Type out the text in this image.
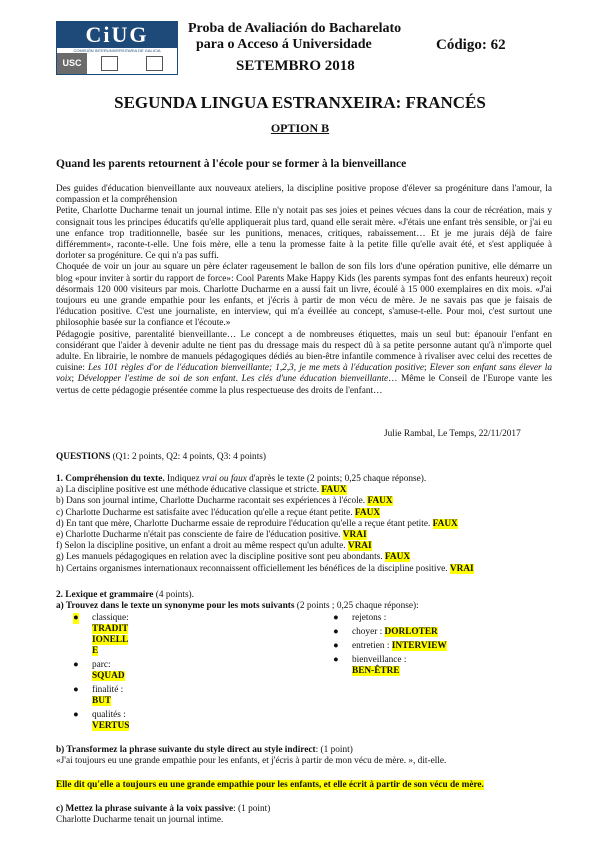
CiUG
COMISIÓN INTERUNIVERSITARIA DE GALICIA
USC
Proba de Avaliación do Bacharelato
para o Acceso á Universidade	Código: 62
SETEMBRO 2018
SEGUNDA LINGUA ESTRANXEIRA: FRANCÉS
OPTION B
Quand les parents retournent à l'école pour se former à la bienveillance
Des guides d'éducation bienveillante aux nouveaux ateliers, la discipline positive propose d'élever sa progéniture dans l'amour, la compassion et la compréhension
Petite, Charlotte Ducharme tenait un journal intime. Elle n'y notait pas ses joies et peines vécues dans la cour de récréation, mais y consignait tous les principes éducatifs qu'elle appliquerait plus tard, quand elle serait mère. «J'étais une enfant très sensible, or j'ai eu une enfance trop traditionnelle, basée sur les punitions, menaces, critiques, rabaissement… Et je me jurais déjà de faire différemment», raconte-t-elle. Une fois mère, elle a tenu la promesse faite à la petite fille qu'elle avait été, et s'est appliquée à dorloter sa progéniture. Ce qui n'a pas suffi.
Choquée de voir un jour au square un père éclater rageusement le ballon de son fils lors d'une opération punitive, elle démarre un blog «pour inviter à sortir du rapport de force»: Cool Parents Make Happy Kids (les parents sympas font des enfants heureux) reçoit désormais 120 000 visiteurs par mois. Charlotte Ducharme en a aussi fait un livre, écoulé à 15 000 exemplaires en dix mois. «J'ai toujours eu une grande empathie pour les enfants, et j'écris à partir de mon vécu de mère. Je ne savais pas que je faisais de l'éducation positive. C'est une journaliste, en interview, qui m'a éveillée au concept, s'amuse-t-elle. Pour moi, c'est surtout une philosophie basée sur la confiance et l'écoute.»
Pédagogie positive, parentalité bienveillante… Le concept a de nombreuses étiquettes, mais un seul but: épanouir l'enfant en considérant que l'aider à devenir adulte ne tient pas du dressage mais du respect dû à sa petite personne autant qu'à n'importe quel adulte. En librairie, le nombre de manuels pédagogiques dédiés au bien-être infantile commence à rivaliser avec celui des recettes de cuisine: Les 101 règles d'or de l'éducation bienveillante; 1,2,3, je me mets à l'éducation positive; Elever son enfant sans élever la voix; Développer l'estime de soi de son enfant. Les clés d'une éducation bienveillante… Même le Conseil de l'Europe vante les vertus de cette pédagogie présentée comme la plus respectueuse des droits de l'enfant…
Julie Rambal, Le Temps, 22/11/2017
QUESTIONS (Q1: 2 points, Q2: 4 points, Q3: 4 points)
1. Compréhension du texte. Indiquez vrai ou faux d'après le texte (2 points; 0,25 chaque réponse).
a) La discipline positive est une méthode éducative classique et stricte. FAUX
b) Dans son journal intime, Charlotte Ducharme racontait ses expériences à l'école. FAUX
c) Charlotte Ducharme est satisfaite avec l'éducation qu'elle a reçue étant petite. FAUX
d) En tant que mère, Charlotte Ducharme essaie de reproduire l'éducation qu'elle a reçue étant petite. FAUX
e) Charlotte Ducharme n'était pas consciente de faire de l'éducation positive. VRAI
f) Selon la discipline positive, un enfant a droit au même respect qu'un adulte. VRAI
g) Les manuels pédagogiques en relation avec la discipline positive sont peu abondants. FAUX
h) Certains organismes internationaux reconnaissent officiellement les bénéfices de la discipline positive. VRAI
2. Lexique et grammaire (4 points).
a) Trouvez dans le texte un synonyme pour les mots suivants (2 points ; 0,25 chaque réponse):
● classique:
TRADIT
IONELL
E
● parc:
SQUAD
● finalité :
BUT
● qualités :
VERTUS
● rejetons :
● choyer : DORLOTER
● entretien : INTERVIEW
● bienveillance :
BEN-ÊTRE
b) Transformez la phrase suivante du style direct au style indirect: (1 point)
«J'ai toujours eu une grande empathie pour les enfants, et j'écris à partir de mon vécu de mère. », dit-elle.
Elle dit qu'elle a toujours eu une grande empathie pour les enfants, et elle écrit à partir de son vécu de mère.
c) Mettez la phrase suivante à la voix passive: (1 point)
Charlotte Ducharme tenait un journal intime.
